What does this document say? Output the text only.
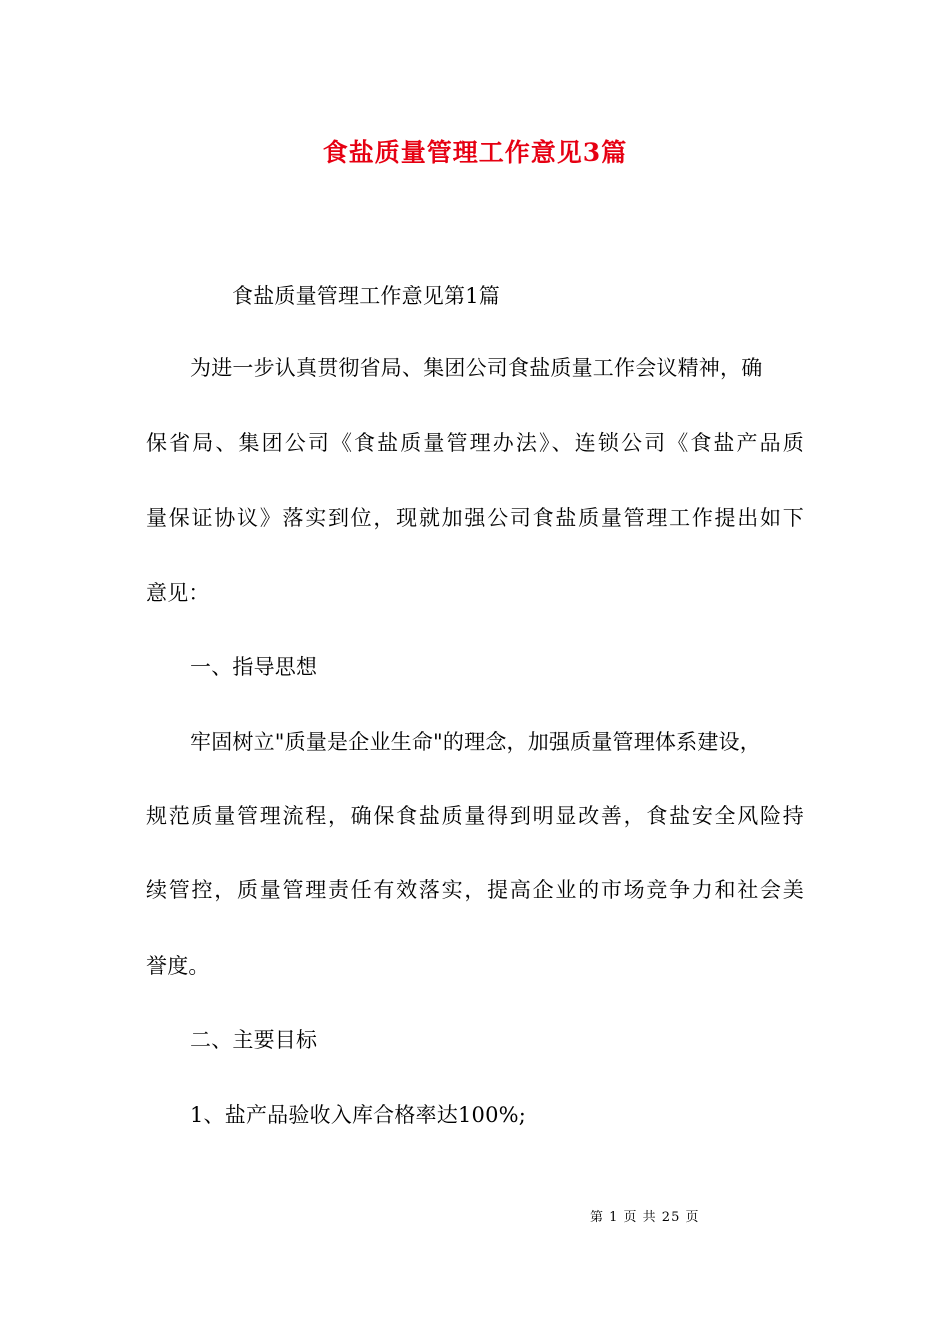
食盐质量管理工作意见3篇
食盐质量管理工作意见第1篇
为进一步认真贯彻省局、集团公司食盐质量工作会议精神，确
保省局、集团公司《食盐质量管理办法》、连锁公司《食盐产品质
量保证协议》落实到位，现就加强公司食盐质量管理工作提出如下
意见：
一、指导思想
牢固树立"质量是企业生命"的理念，加强质量管理体系建设，
规范质量管理流程，确保食盐质量得到明显改善，食盐安全风险持
续管控，质量管理责任有效落实，提高企业的市场竞争力和社会美
誉度。
二、主要目标
1、盐产品验收入库合格率达100%;
第 1 页 共 25 页
